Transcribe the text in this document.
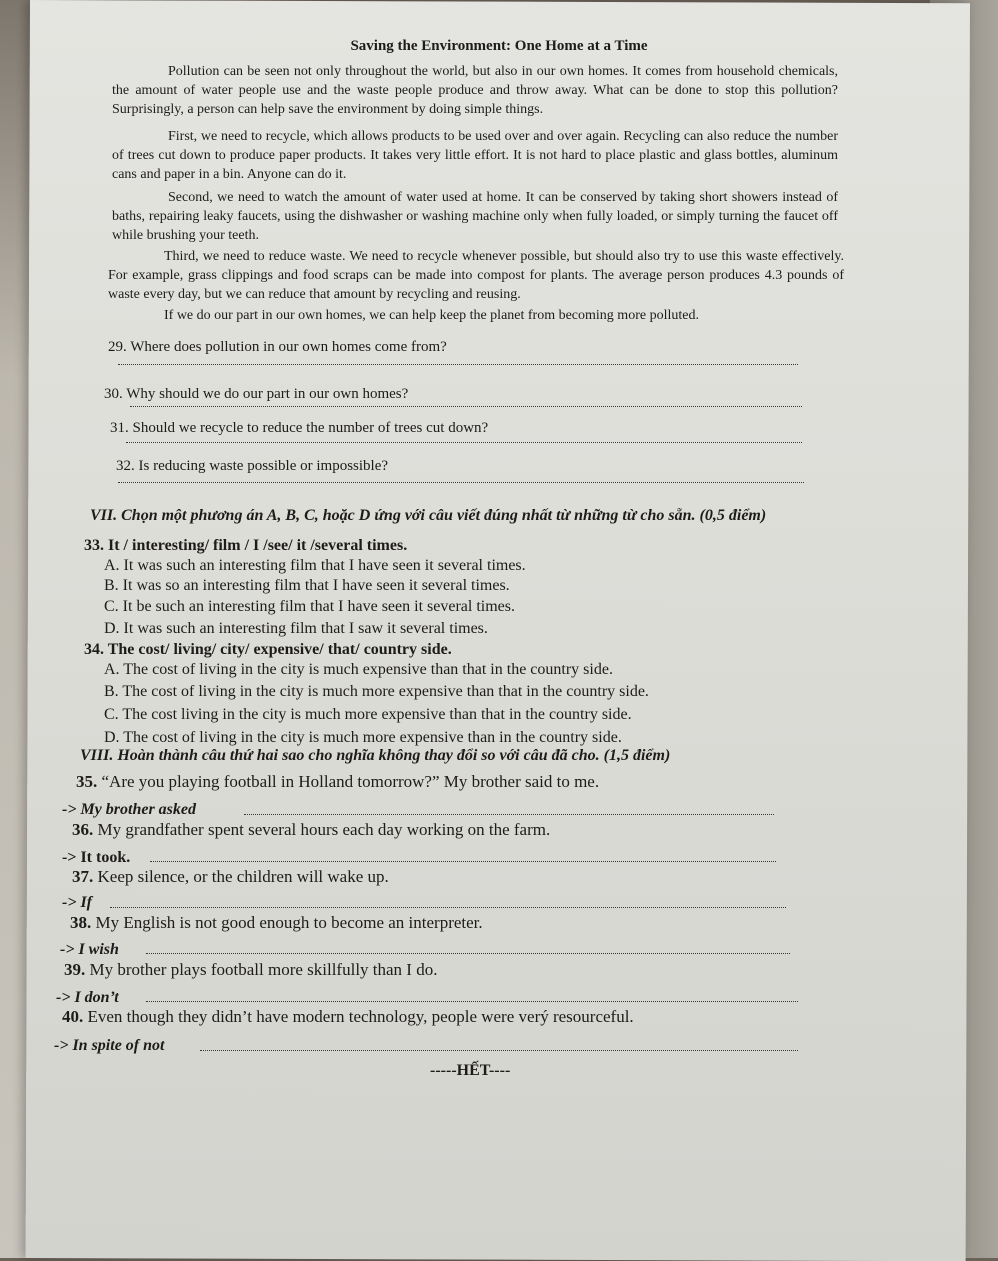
Saving the Environment: One Home at a Time
Pollution can be seen not only throughout the world, but also in our own homes. It comes from household chemicals, the amount of water people use and the waste people produce and throw away. What can be done to stop this pollution? Surprisingly, a person can help save the environment by doing simple things.
First, we need to recycle, which allows products to be used over and over again. Recycling can also reduce the number of trees cut down to produce paper products. It takes very little effort. It is not hard to place plastic and glass bottles, aluminum cans and paper in a bin. Anyone can do it.
Second, we need to watch the amount of water used at home. It can be conserved by taking short showers instead of baths, repairing leaky faucets, using the dishwasher or washing machine only when fully loaded, or simply turning the faucet off while brushing your teeth.
Third, we need to reduce waste. We need to recycle whenever possible, but should also try to use this waste effectively. For example, grass clippings and food scraps can be made into compost for plants. The average person produces 4.3 pounds of waste every day, but we can reduce that amount by recycling and reusing.
If we do our part in our own homes, we can help keep the planet from becoming more polluted.
29. Where does pollution in our own homes come from?
30. Why should we do our part in our own homes?
31. Should we recycle to reduce the number of trees cut down?
32. Is reducing waste possible or impossible?
VII. Chọn một phương án A, B, C, hoặc D ứng với câu viết đúng nhất từ những từ cho sẵn. (0,5 điểm)
33. It / interesting/ film / I /see/ it /several times.
A. It was such an interesting film that I have seen it several times.
B. It was so an interesting film that I have seen it several times.
C. It be such an interesting film that I have seen it several times.
D. It was such an interesting film that I saw it several times.
34. The cost/ living/ city/ expensive/ that/ country side.
A. The cost of living in the city is much expensive than that in the country side.
B. The cost of living in the city is much more expensive than that in the country side.
C. The cost living in the city is much more expensive than that in the country side.
D. The cost of living in the city is much more expensive than in the country side.
VIII. Hoàn thành câu thứ hai sao cho nghĩa không thay đổi so với câu đã cho. (1,5 điểm)
35. “Are you playing football in Holland tomorrow?” My brother said to me.
-> My brother asked
36. My grandfather spent several hours each day working on the farm.
-> It took.
37. Keep silence, or the children will wake up.
-> If
38. My English is not good enough to become an interpreter.
-> I wish
39. My brother plays football more skillfully than I do.
-> I don’t
40. Even though they didn’t have modern technology, people were verý resourceful.
-> In spite of not
-----HẾT----
